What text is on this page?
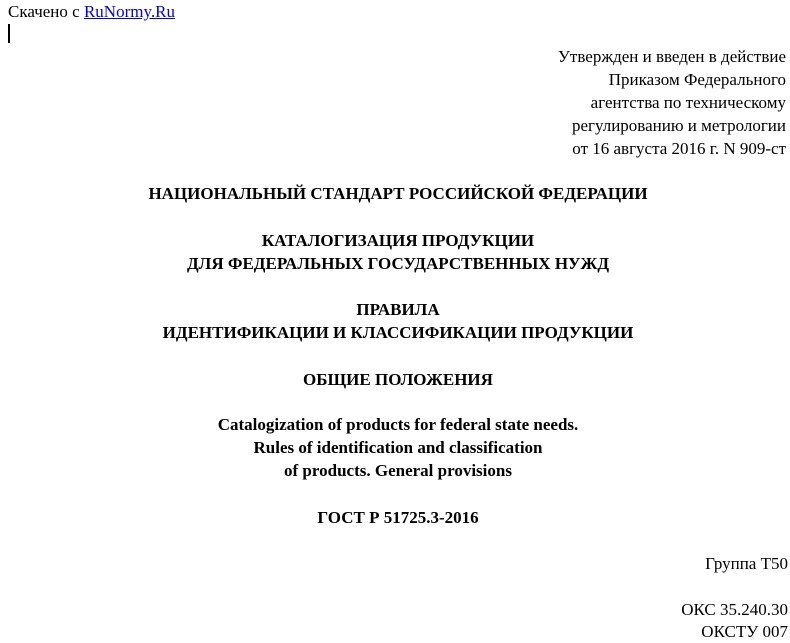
Скачено с RuNormy.Ru
Утвержден и введен в действие
Приказом Федерального
агентства по техническому
регулированию и метрологии
от 16 августа 2016 г. N 909-ст
НАЦИОНАЛЬНЫЙ СТАНДАРТ РОССИЙСКОЙ ФЕДЕРАЦИИ
КАТАЛОГИЗАЦИЯ ПРОДУКЦИИ
ДЛЯ ФЕДЕРАЛЬНЫХ ГОСУДАРСТВЕННЫХ НУЖД
ПРАВИЛА
ИДЕНТИФИКАЦИИ И КЛАССИФИКАЦИИ ПРОДУКЦИИ
ОБЩИЕ ПОЛОЖЕНИЯ
Catalogization of products for federal state needs.
Rules of identification and classification
of products. General provisions
ГОСТ Р 51725.3-2016
Группа Т50
ОКС 35.240.30
ОКСТУ 007
